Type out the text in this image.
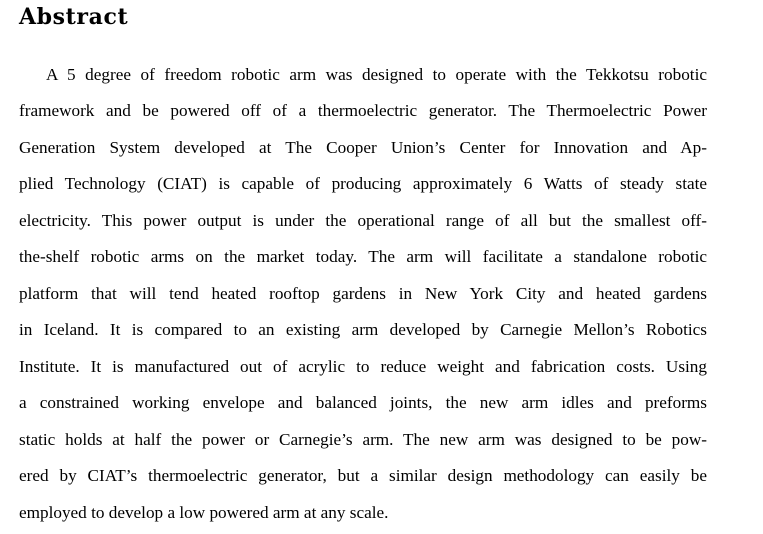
Abstract
A 5 degree of freedom robotic arm was designed to operate with the Tekkotsu robotic
framework and be powered off of a thermoelectric generator. The Thermoelectric Power
Generation System developed at The Cooper Union’s Center for Innovation and Ap-
plied Technology (CIAT) is capable of producing approximately 6 Watts of steady state
electricity. This power output is under the operational range of all but the smallest off-
the-shelf robotic arms on the market today. The arm will facilitate a standalone robotic
platform that will tend heated rooftop gardens in New York City and heated gardens
in Iceland. It is compared to an existing arm developed by Carnegie Mellon’s Robotics
Institute. It is manufactured out of acrylic to reduce weight and fabrication costs. Using
a constrained working envelope and balanced joints, the new arm idles and preforms
static holds at half the power or Carnegie’s arm. The new arm was designed to be pow-
ered by CIAT’s thermoelectric generator, but a similar design methodology can easily be
employed to develop a low powered arm at any scale.
